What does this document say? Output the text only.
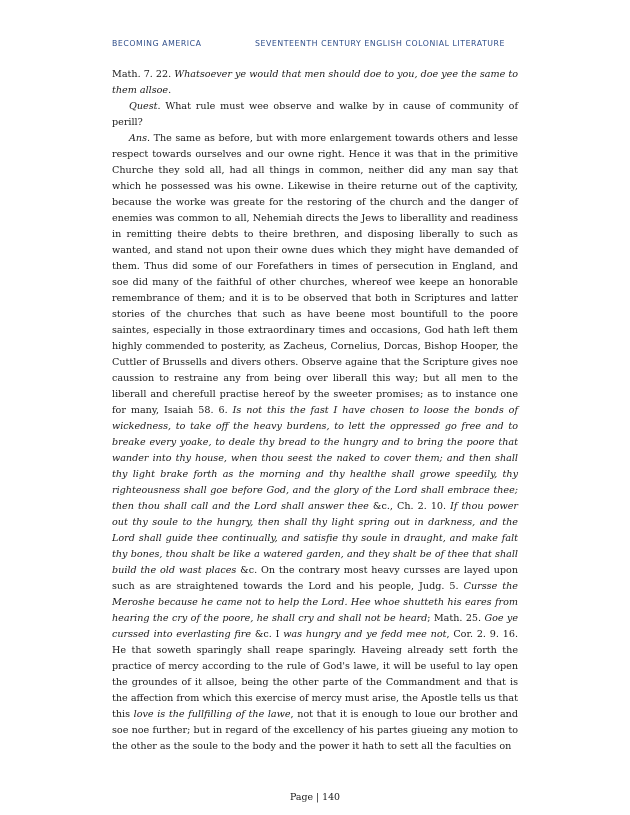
BECOMING AMERICA	SEVENTEENTH CENTURY ENGLISH COLONIAL LITERATURE

Math. 7. 22. Whatsoever ye would that men should doe to you, doe yee the same to them allsoe.

Quest. What rule must wee observe and walke by in cause of community of perill?

Ans. The same as before, but with more enlargement towards others and lesse respect towards ourselves and our owne right. Hence it was that in the primitive Churche they sold all, had all things in common, neither did any man say that which he possessed was his owne. Likewise in theire returne out of the captivity, because the worke was greate for the restoring of the church and the danger of enemies was common to all, Nehemiah directs the Jews to liberallity and readiness in remitting theire debts to theire brethren, and disposing liberally to such as wanted, and stand not upon their owne dues which they might have demanded of them. Thus did some of our Forefathers in times of persecution in England, and soe did many of the faithful of other churches, whereof wee keepe an honorable remembrance of them; and it is to be observed that both in Scriptures and latter stories of the churches that such as have beene most bountifull to the poore saintes, especially in those extraordinary times and occasions, God hath left them highly commended to posterity, as Zacheus, Cornelius, Dorcas, Bishop Hooper, the Cuttler of Brussells and divers others. Observe againe that the Scripture gives noe caussion to restraine any from being over liberall this way; but all men to the liberall and cherefull practise hereof by the sweeter promises; as to instance one for many, Isaiah 58. 6. Is not this the fast I have chosen to loose the bonds of wickedness, to take off the heavy burdens, to lett the oppressed go free and to breake every yoake, to deale thy bread to the hungry and to bring the poore that wander into thy house, when thou seest the naked to cover them; and then shall thy light brake forth as the morning and thy healthe shall growe speedily, thy righteousness shall goe before God, and the glory of the Lord shall embrace thee; then thou shall call and the Lord shall answer thee &c., Ch. 2. 10. If thou power out thy soule to the hungry, then shall thy light spring out in darkness, and the Lord shall guide thee continually, and satisfie thy soule in draught, and make falt thy bones, thou shalt be like a watered garden, and they shalt be of thee that shall build the old wast places &c. On the contrary most heavy cursses are layed upon such as are straightened towards the Lord and his people, Judg. 5. Cursse the Meroshe because he came not to help the Lord. Hee whoe shutteth his eares from hearing the cry of the poore, he shall cry and shall not be heard; Math. 25. Goe ye curssed into everlasting fire &c. I was hungry and ye fedd mee not, Cor. 2. 9. 16. He that soweth sparingly shall reape sparingly. Haveing already sett forth the practice of mercy according to the rule of God's lawe, it will be useful to lay open the groundes of it allsoe, being the other parte of the Commandment and that is the affection from which this exercise of mercy must arise, the Apostle tells us that this love is the fullfilling of the lawe, not that it is enough to loue our brother and soe noe further; but in regard of the excellency of his partes giueing any motion to the other as the soule to the body and the power it hath to sett all the faculties on

Page | 140
